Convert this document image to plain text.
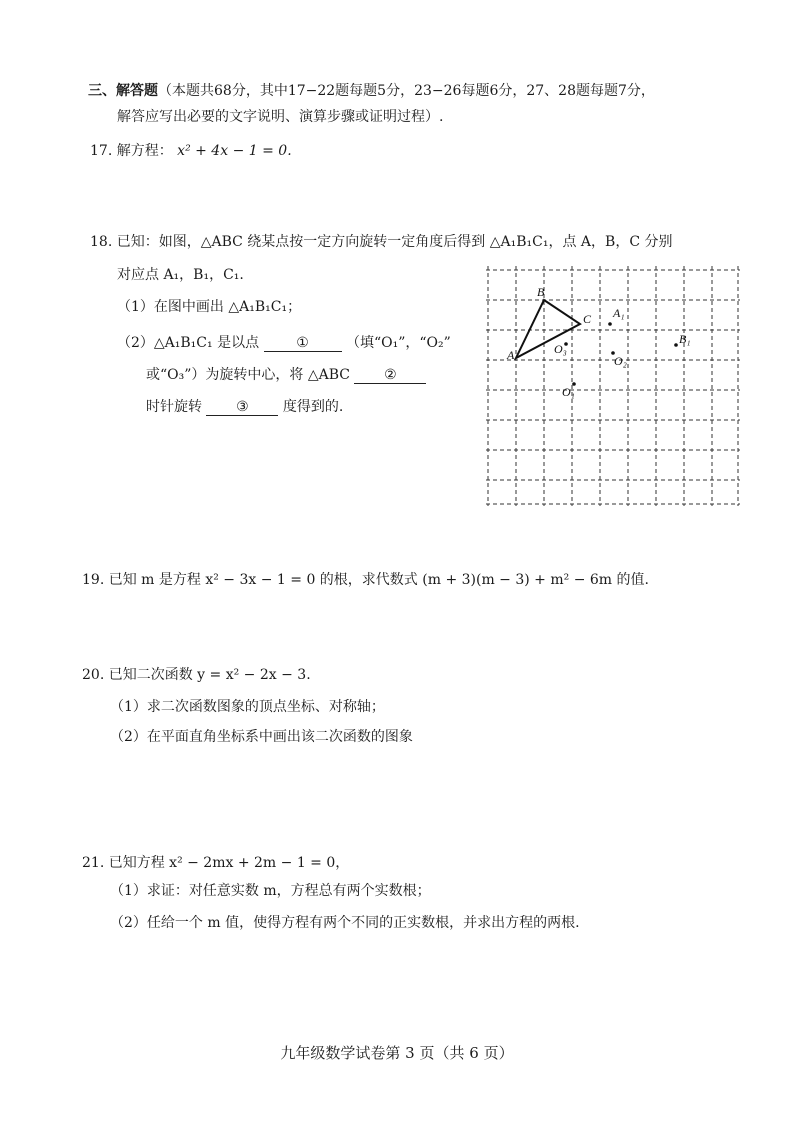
三、解答题（本题共68分，其中17−22题每题5分，23−26每题6分，27、28题每题7分，
解答应写出必要的文字说明、演算步骤或证明过程）.
17. 解方程： x² + 4x − 1 = 0.
18. 已知：如图，△ABC 绕某点按一定方向旋转一定角度后得到 △A₁B₁C₁，点 A，B，C 分别
对应点 A₁，B₁，C₁.
（1）在图中画出 △A₁B₁C₁；
（2）△A₁B₁C₁ 是以点	①	（填“O₁”，“O₂”
或“O₃”）为旋转中心，将 △ABC ②
时针旋转 ③ 度得到的.
A
B
C A₁
B₁
O₃
O₂
O₁
19. 已知 m 是方程 x² − 3x − 1 = 0 的根，求代数式 (m + 3)(m − 3) + m² − 6m 的值.
20. 已知二次函数 y = x² − 2x − 3.
（1）求二次函数图象的顶点坐标、对称轴；
（2）在平面直角坐标系中画出该二次函数的图象
21. 已知方程 x² − 2mx + 2m − 1 = 0，
（1）求证：对任意实数 m，方程总有两个实数根；
（2）任给一个 m 值，使得方程有两个不同的正实数根，并求出方程的两根.
九年级数学试卷第 3 页（共 6 页）
